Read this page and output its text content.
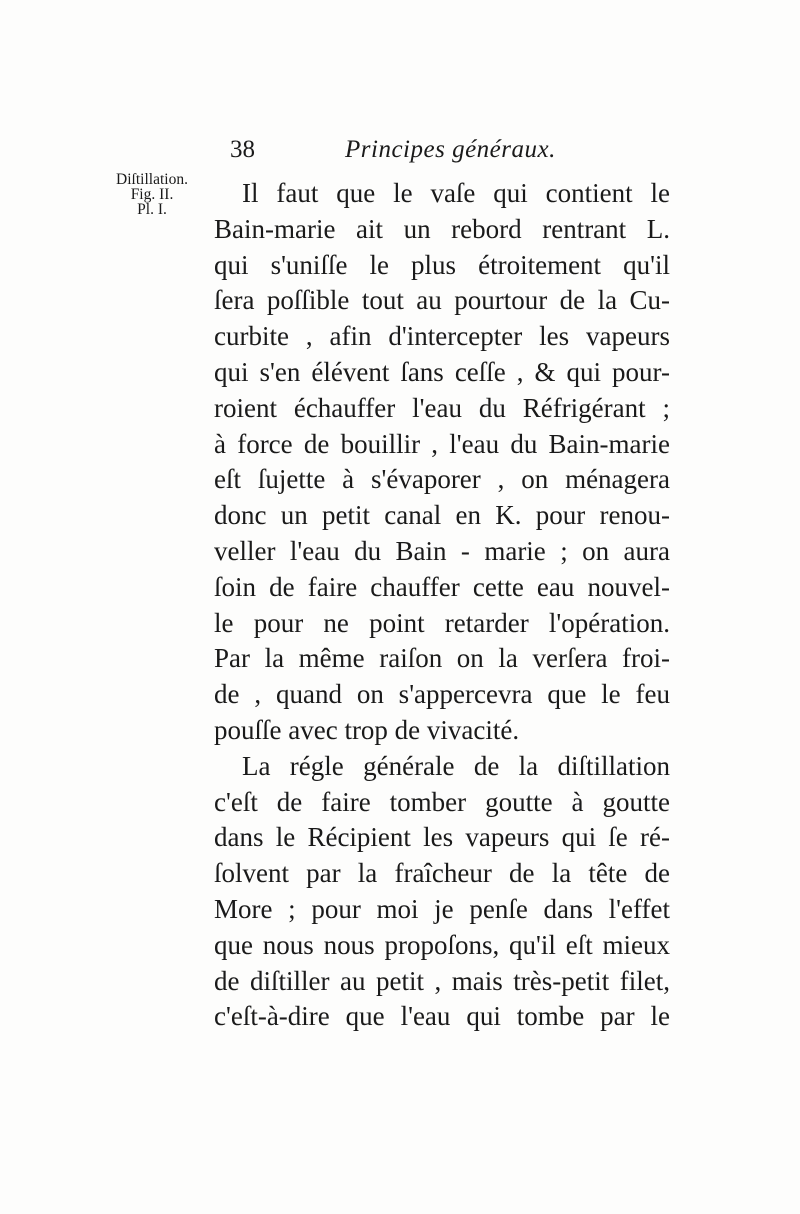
38	Principes généraux.
Diſtillation.
Fig. II.
Pl. I.
Il faut que le vaſe qui contient le
Bain-marie ait un rebord rentrant L.
qui s'uniſſe le plus étroitement qu'il
ſera poſſible tout au pourtour de la Cu-
curbite , afin d'intercepter les vapeurs
qui s'en élévent ſans ceſſe , & qui pour-
roient échauffer l'eau du Réfrigérant ;
à force de bouillir , l'eau du Bain-marie
eſt ſujette à s'évaporer , on ménagera
donc un petit canal en K. pour renou-
veller l'eau du Bain - marie ; on aura
ſoin de faire chauffer cette eau nouvel-
le pour ne point retarder l'opération.
Par la même raiſon on la verſera froi-
de , quand on s'appercevra que le feu
pouſſe avec trop de vivacité.
La régle générale de la diſtillation
c'eſt de faire tomber goutte à goutte
dans le Récipient les vapeurs qui ſe ré-
ſolvent par la fraîcheur de la tête de
More ; pour moi je penſe dans l'effet
que nous nous propoſons, qu'il eſt mieux
de diſtiller au petit , mais très-petit filet,
c'eſt-à-dire que l'eau qui tombe par le
